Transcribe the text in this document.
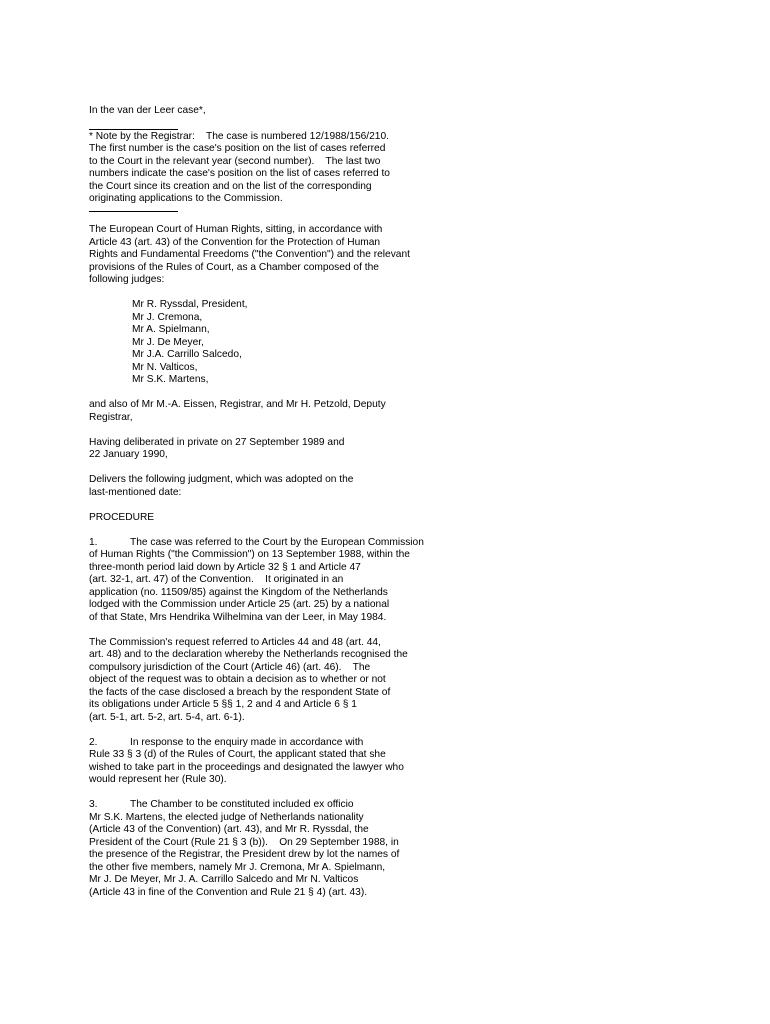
In the van der Leer case*,
* Note by the Registrar:    The case is numbered 12/1988/156/210.
The first number is the case's position on the list of cases referred
to the Court in the relevant year (second number).    The last two
numbers indicate the case's position on the list of cases referred to
the Court since its creation and on the list of the corresponding
originating applications to the Commission.
The European Court of Human Rights, sitting, in accordance with
Article 43 (art. 43) of the Convention for the Protection of Human
Rights and Fundamental Freedoms ("the Convention") and the relevant
provisions of the Rules of Court, as a Chamber composed of the
following judges:
Mr R. Ryssdal, President,
Mr J. Cremona,
Mr A. Spielmann,
Mr J. De Meyer,
Mr J.A. Carrillo Salcedo,
Mr N. Valticos,
Mr S.K. Martens,
and also of Mr M.-A. Eissen, Registrar, and Mr H. Petzold, Deputy
Registrar,
Having deliberated in private on 27 September 1989 and
22 January 1990,
Delivers the following judgment, which was adopted on the
last-mentioned date:
PROCEDURE
1.	The case was referred to the Court by the European Commission
of Human Rights ("the Commission") on 13 September 1988, within the
three-month period laid down by Article 32 § 1 and Article 47
(art. 32-1, art. 47) of the Convention.    It originated in an
application (no. 11509/85) against the Kingdom of the Netherlands
lodged with the Commission under Article 25 (art. 25) by a national
of that State, Mrs Hendrika Wilhelmina van der Leer, in May 1984.
The Commission's request referred to Articles 44 and 48 (art. 44,
art. 48) and to the declaration whereby the Netherlands recognised the
compulsory jurisdiction of the Court (Article 46) (art. 46).    The
object of the request was to obtain a decision as to whether or not
the facts of the case disclosed a breach by the respondent State of
its obligations under Article 5 §§ 1, 2 and 4 and Article 6 § 1
(art. 5-1, art. 5-2, art. 5-4, art. 6-1).
2.	In response to the enquiry made in accordance with
Rule 33 § 3 (d) of the Rules of Court, the applicant stated that she
wished to take part in the proceedings and designated the lawyer who
would represent her (Rule 30).
3.	The Chamber to be constituted included ex officio
Mr S.K. Martens, the elected judge of Netherlands nationality
(Article 43 of the Convention) (art. 43), and Mr R. Ryssdal, the
President of the Court (Rule 21 § 3 (b)).    On 29 September 1988, in
the presence of the Registrar, the President drew by lot the names of
the other five members, namely Mr J. Cremona, Mr A. Spielmann,
Mr J. De Meyer, Mr J. A. Carrillo Salcedo and Mr N. Valticos
(Article 43 in fine of the Convention and Rule 21 § 4) (art. 43).
